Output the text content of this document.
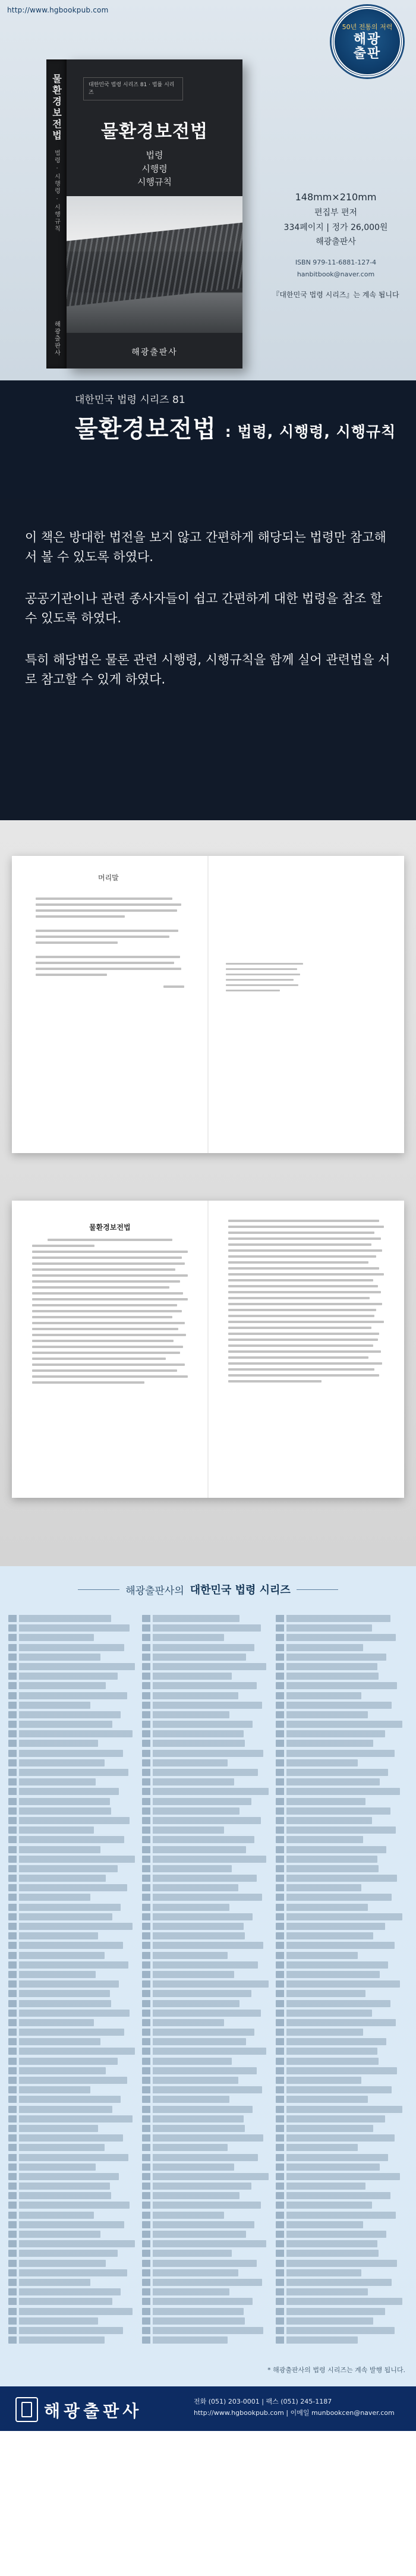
http://www.hgbookpub.com
50년 전통의 저력
해광
출판
물환경보전법
법령 · 시행령 · 시행규칙
해광출판사
대한민국 법령 시리즈 81 · 법률 시리즈
물환경보전법
법령
시행령
시행규칙
해광출판사
148mm×210mm
편집부 편저
334페이지 | 정가 26,000원
해광출판사
ISBN 979-11-6881-127-4
hanbitbook@naver.com
『대한민국 법령 시리즈』는 계속 됩니다
대한민국 법령 시리즈 81
물환경보전법 : 법령, 시행령, 시행규칙

이 책은 방대한 법전을 보지 않고 간편하게 해당되는 법령만 참고해서 볼 수 있도록 하였다.

공공기관이나 관련 종사자들이 쉽고 간편하게 대한 법령을 참조 할 수 있도록 하였다.

특히 해당법은 물론 관련 시행령, 시행규칙을 함께 실어 관련법을 서로 참고할 수 있게 하였다.

머리말
물환경보전법
해광출판사의 대한민국 법령 시리즈
* 해광출판사의 법령 시리즈는 계속 발행 됩니다.
해광출판사	전화 (051) 203-0001 | 팩스 (051) 245-1187
http://www.hgbookpub.com | 이메일 munbookcen@naver.com
